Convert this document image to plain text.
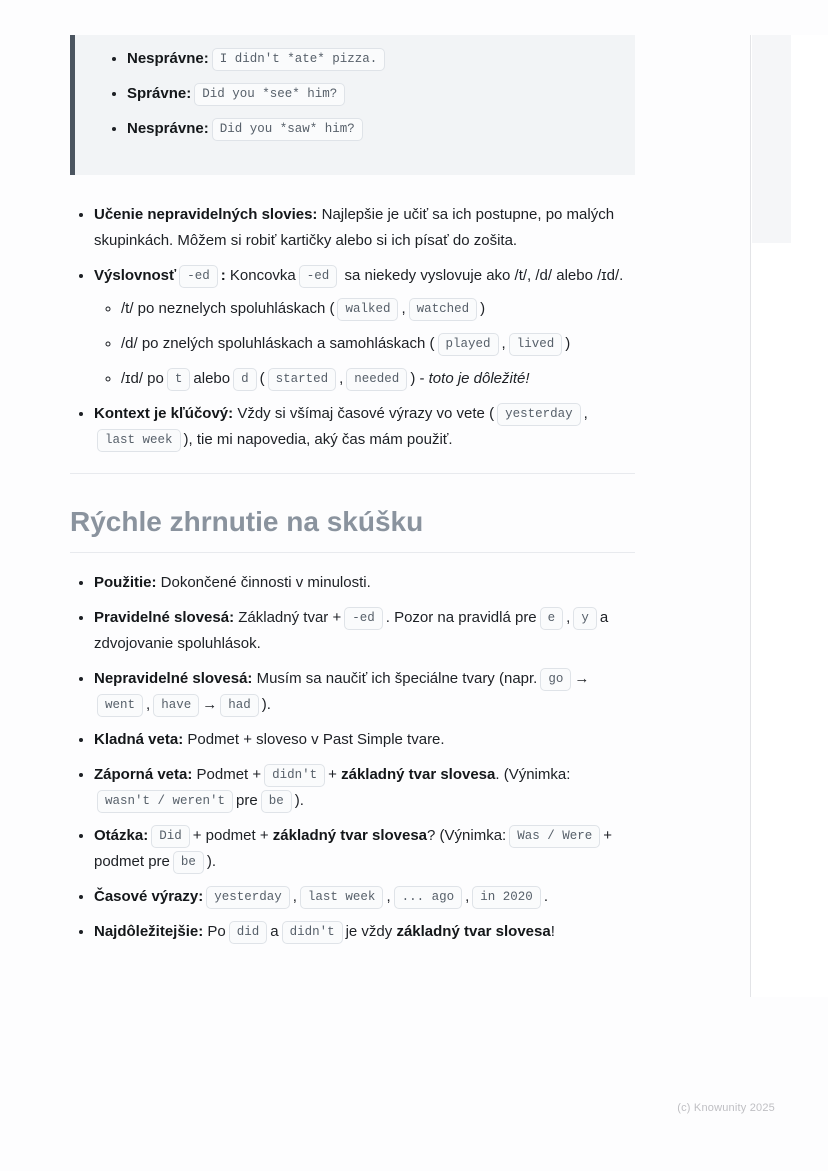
• Nesprávne: I didn't *ate* pizza.
• Správne: Did you *see* him?
• Nesprávne: Did you *saw* him?
• Učenie nepravidelných slovies: Najlepšie je učiť sa ich postupne, po malých skupinkách. Môžem si robiť kartičky alebo si ich písať do zošita.
• Výslovnosť -ed : Koncovka -ed sa niekedy vyslovuje ako /t/, /d/ alebo /ɪd/.
◦ /t/ po neznelych spoluhláskach ( walked , watched )
◦ /d/ po znelých spoluhláskach a samohláskach ( played , lived )
◦ /ɪd/ po t alebo d ( started , needed ) - toto je dôležité!
• Kontext je kľúčový: Vždy si všímaj časové výrazy vo vete ( yesterday ,last week ), tie mi napovedia, aký čas mám použiť.
Rýchle zhrnutie na skúšku
• Použitie: Dokončené činnosti v minulosti.
• Pravidelné slovesá: Základný tvar + -ed . Pozor na pravidlá pre e , y a zdvojovanie spoluhlások.
• Nepravidelné slovesá: Musím sa naučiť ich špeciálne tvary (napr. go →went , have → had ).
• Kladná veta: Podmet + sloveso v Past Simple tvare.
• Záporná veta: Podmet + didn't + základný tvar slovesa. (Výnimka:wasn't / weren't pre be ).
• Otázka: Did + podmet + základný tvar slovesa? (Výnimka: Was / Were + podmet pre be ).
• Časové výrazy: yesterday , last week , ... ago , in 2020 .
• Najdôležitejšie: Po did a didn't je vždy základný tvar slovesa!
(c) Knowunity 2025
